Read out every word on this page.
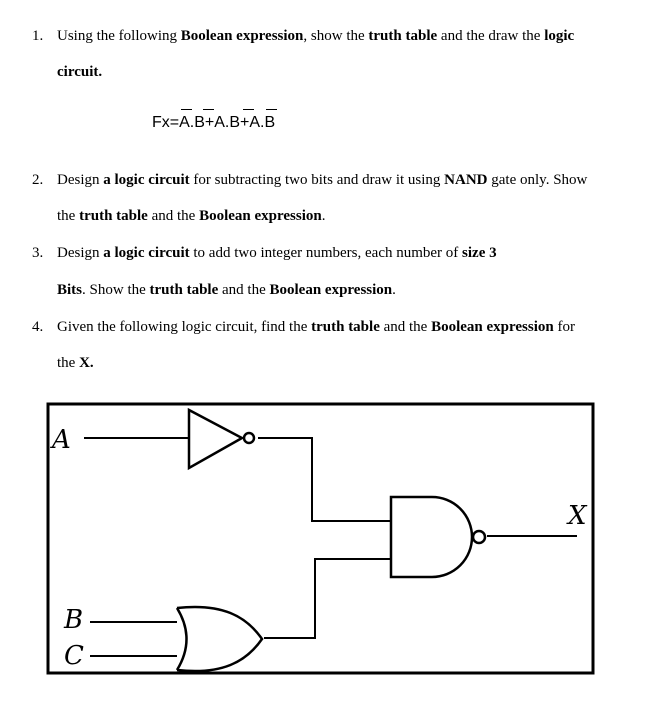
1. Using the following Boolean expression, show the truth table and the draw the logic
circuit.
Fx=A.B+A.B+A.B
2. Design a logic circuit for subtracting two bits and draw it using NAND gate only. Show
the truth table and the Boolean expression.
3. Design a logic circuit to add two integer numbers, each number of size 3
Bits. Show the truth table and the Boolean expression.
4. Given the following logic circuit, find the truth table and the Boolean expression for
the X.
A
B
C
X
